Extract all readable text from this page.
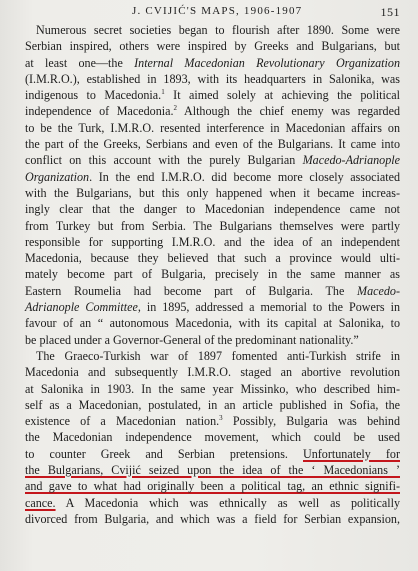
J. CVIJIĆ'S MAPS, 1906-1907	151
Numerous secret societies began to flourish after 1890. Some were
Serbian inspired, others were inspired by Greeks and Bulgarians, but
at least one—the Internal Macedonian Revolutionary Organization
(I.M.R.O.), established in 1893, with its headquarters in Salonika, was
indigenous to Macedonia.$^1$ It aimed solely at achieving the political
independence of Macedonia.$^2$ Although the chief enemy was regarded
to be the Turk, I.M.R.O. resented interference in Macedonian affairs on
the part of the Greeks, Serbians and even of the Bulgarians. It came into
conflict on this account with the purely Bulgarian Macedo-Adrianople
Organization. In the end I.M.R.O. did become more closely associated
with the Bulgarians, but this only happened when it became increas-
ingly clear that the danger to Macedonian independence came not
from Turkey but from Serbia. The Bulgarians themselves were partly
responsible for supporting I.M.R.O. and the idea of an independent
Macedonia, because they believed that such a province would ulti-
mately become part of Bulgaria, precisely in the same manner as
Eastern Roumelia had become part of Bulgaria. The Macedo-
Adrianople Committee, in 1895, addressed a memorial to the Powers in
favour of an “ autonomous Macedonia, with its capital at Salonika, to
be placed under a Governor-General of the predominant nationality.”
The Graeco-Turkish war of 1897 fomented anti-Turkish strife in
Macedonia and subsequently I.M.R.O. staged an abortive revolution
at Salonika in 1903. In the same year Missinko, who described him-
self as a Macedonian, postulated, in an article published in Sofia, the
existence of a Macedonian nation.$^3$ Possibly, Bulgaria was behind
the Macedonian independence movement, which could be used
to counter Greek and Serbian pretensions. Unfortunately for
the Bulgarians, Cvijić seized upon the idea of the ‘ Macedonians ’
and gave to what had originally been a political tag, an ethnic signifi-
cance. A Macedonia which was ethnically as well as politically
divorced from Bulgaria, and which was a field for Serbian expansion,
